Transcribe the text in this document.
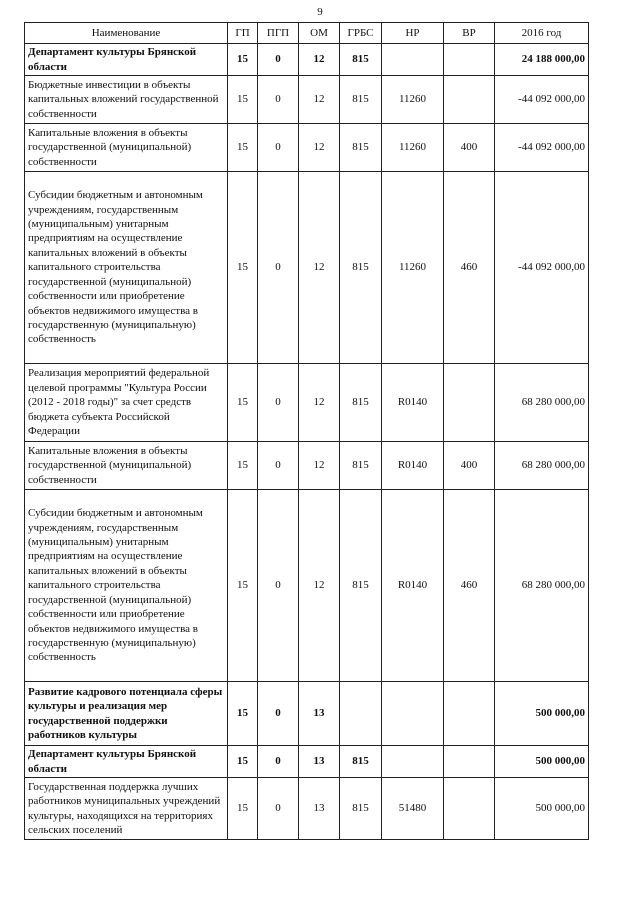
9
Наименование	ГП	ПГП	ОМ	ГРБС	НР	ВР	2016 год
Департамент культуры Брянской области	15	0	12	815			24 188 000,00
Бюджетные инвестиции в объекты капитальных вложений государственной собственности	15	0	12	815	11260		-44 092 000,00
Капитальные вложения в объекты государственной (муниципальной) собственности	15	0	12	815	11260	400	-44 092 000,00
Субсидии бюджетным и автономным учреждениям, государственным (муниципальным) унитарным предприятиям на осуществление капитальных вложений в объекты капитального строительства государственной (муниципальной) собственности или приобретение объектов недвижимого имущества в государственную (муниципальную) собственность	15	0	12	815	11260	460	-44 092 000,00
Реализация мероприятий федеральной целевой программы "Культура России (2012 - 2018 годы)" за счет средств бюджета субъекта Российской Федерации	15	0	12	815	R0140		68 280 000,00
Капитальные вложения в объекты государственной (муниципальной) собственности	15	0	12	815	R0140	400	68 280 000,00
Субсидии бюджетным и автономным учреждениям, государственным (муниципальным) унитарным предприятиям на осуществление капитальных вложений в объекты капитального строительства государственной (муниципальной) собственности или приобретение объектов недвижимого имущества в государственную (муниципальную) собственность	15	0	12	815	R0140	460	68 280 000,00
Развитие кадрового потенциала сферы культуры и реализация мер государственной поддержки работников культуры	15	0	13				500 000,00
Департамент культуры Брянской области	15	0	13	815			500 000,00
Государственная поддержка лучших работников муниципальных учреждений культуры, находящихся на территориях сельских поселений	15	0	13	815	51480		500 000,00
